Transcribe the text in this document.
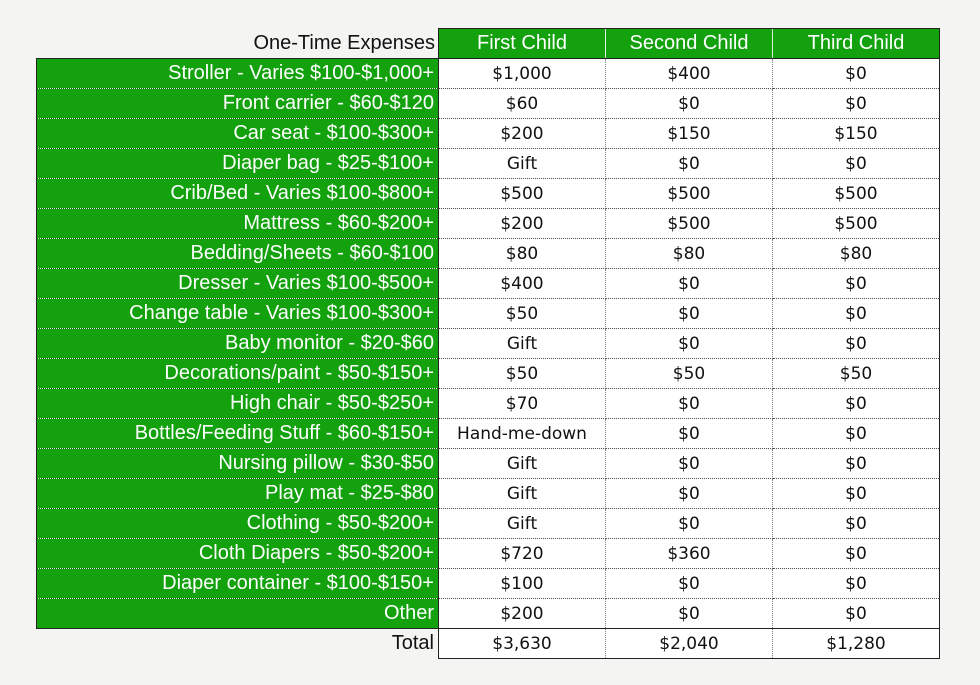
One-Time Expenses	First Child	Second Child	Third Child
Stroller - Varies $100-$1,000+	$1,000	$400	$0
Front carrier - $60-$120	$60	$0	$0
Car seat - $100-$300+	$200	$150	$150
Diaper bag - $25-$100+	Gift	$0	$0
Crib/Bed - Varies $100-$800+	$500	$500	$500
Mattress - $60-$200+	$200	$500	$500
Bedding/Sheets - $60-$100	$80	$80	$80
Dresser - Varies $100-$500+	$400	$0	$0
Change table - Varies $100-$300+	$50	$0	$0
Baby monitor - $20-$60	Gift	$0	$0
Decorations/paint - $50-$150+	$50	$50	$50
High chair - $50-$250+	$70	$0	$0
Bottles/Feeding Stuff - $60-$150+	Hand-me-down	$0	$0
Nursing pillow - $30-$50	Gift	$0	$0
Play mat - $25-$80	Gift	$0	$0
Clothing - $50-$200+	Gift	$0	$0
Cloth Diapers - $50-$200+	$720	$360	$0
Diaper container - $100-$150+	$100	$0	$0
Other	$200	$0	$0
Total	$3,630	$2,040	$1,280
